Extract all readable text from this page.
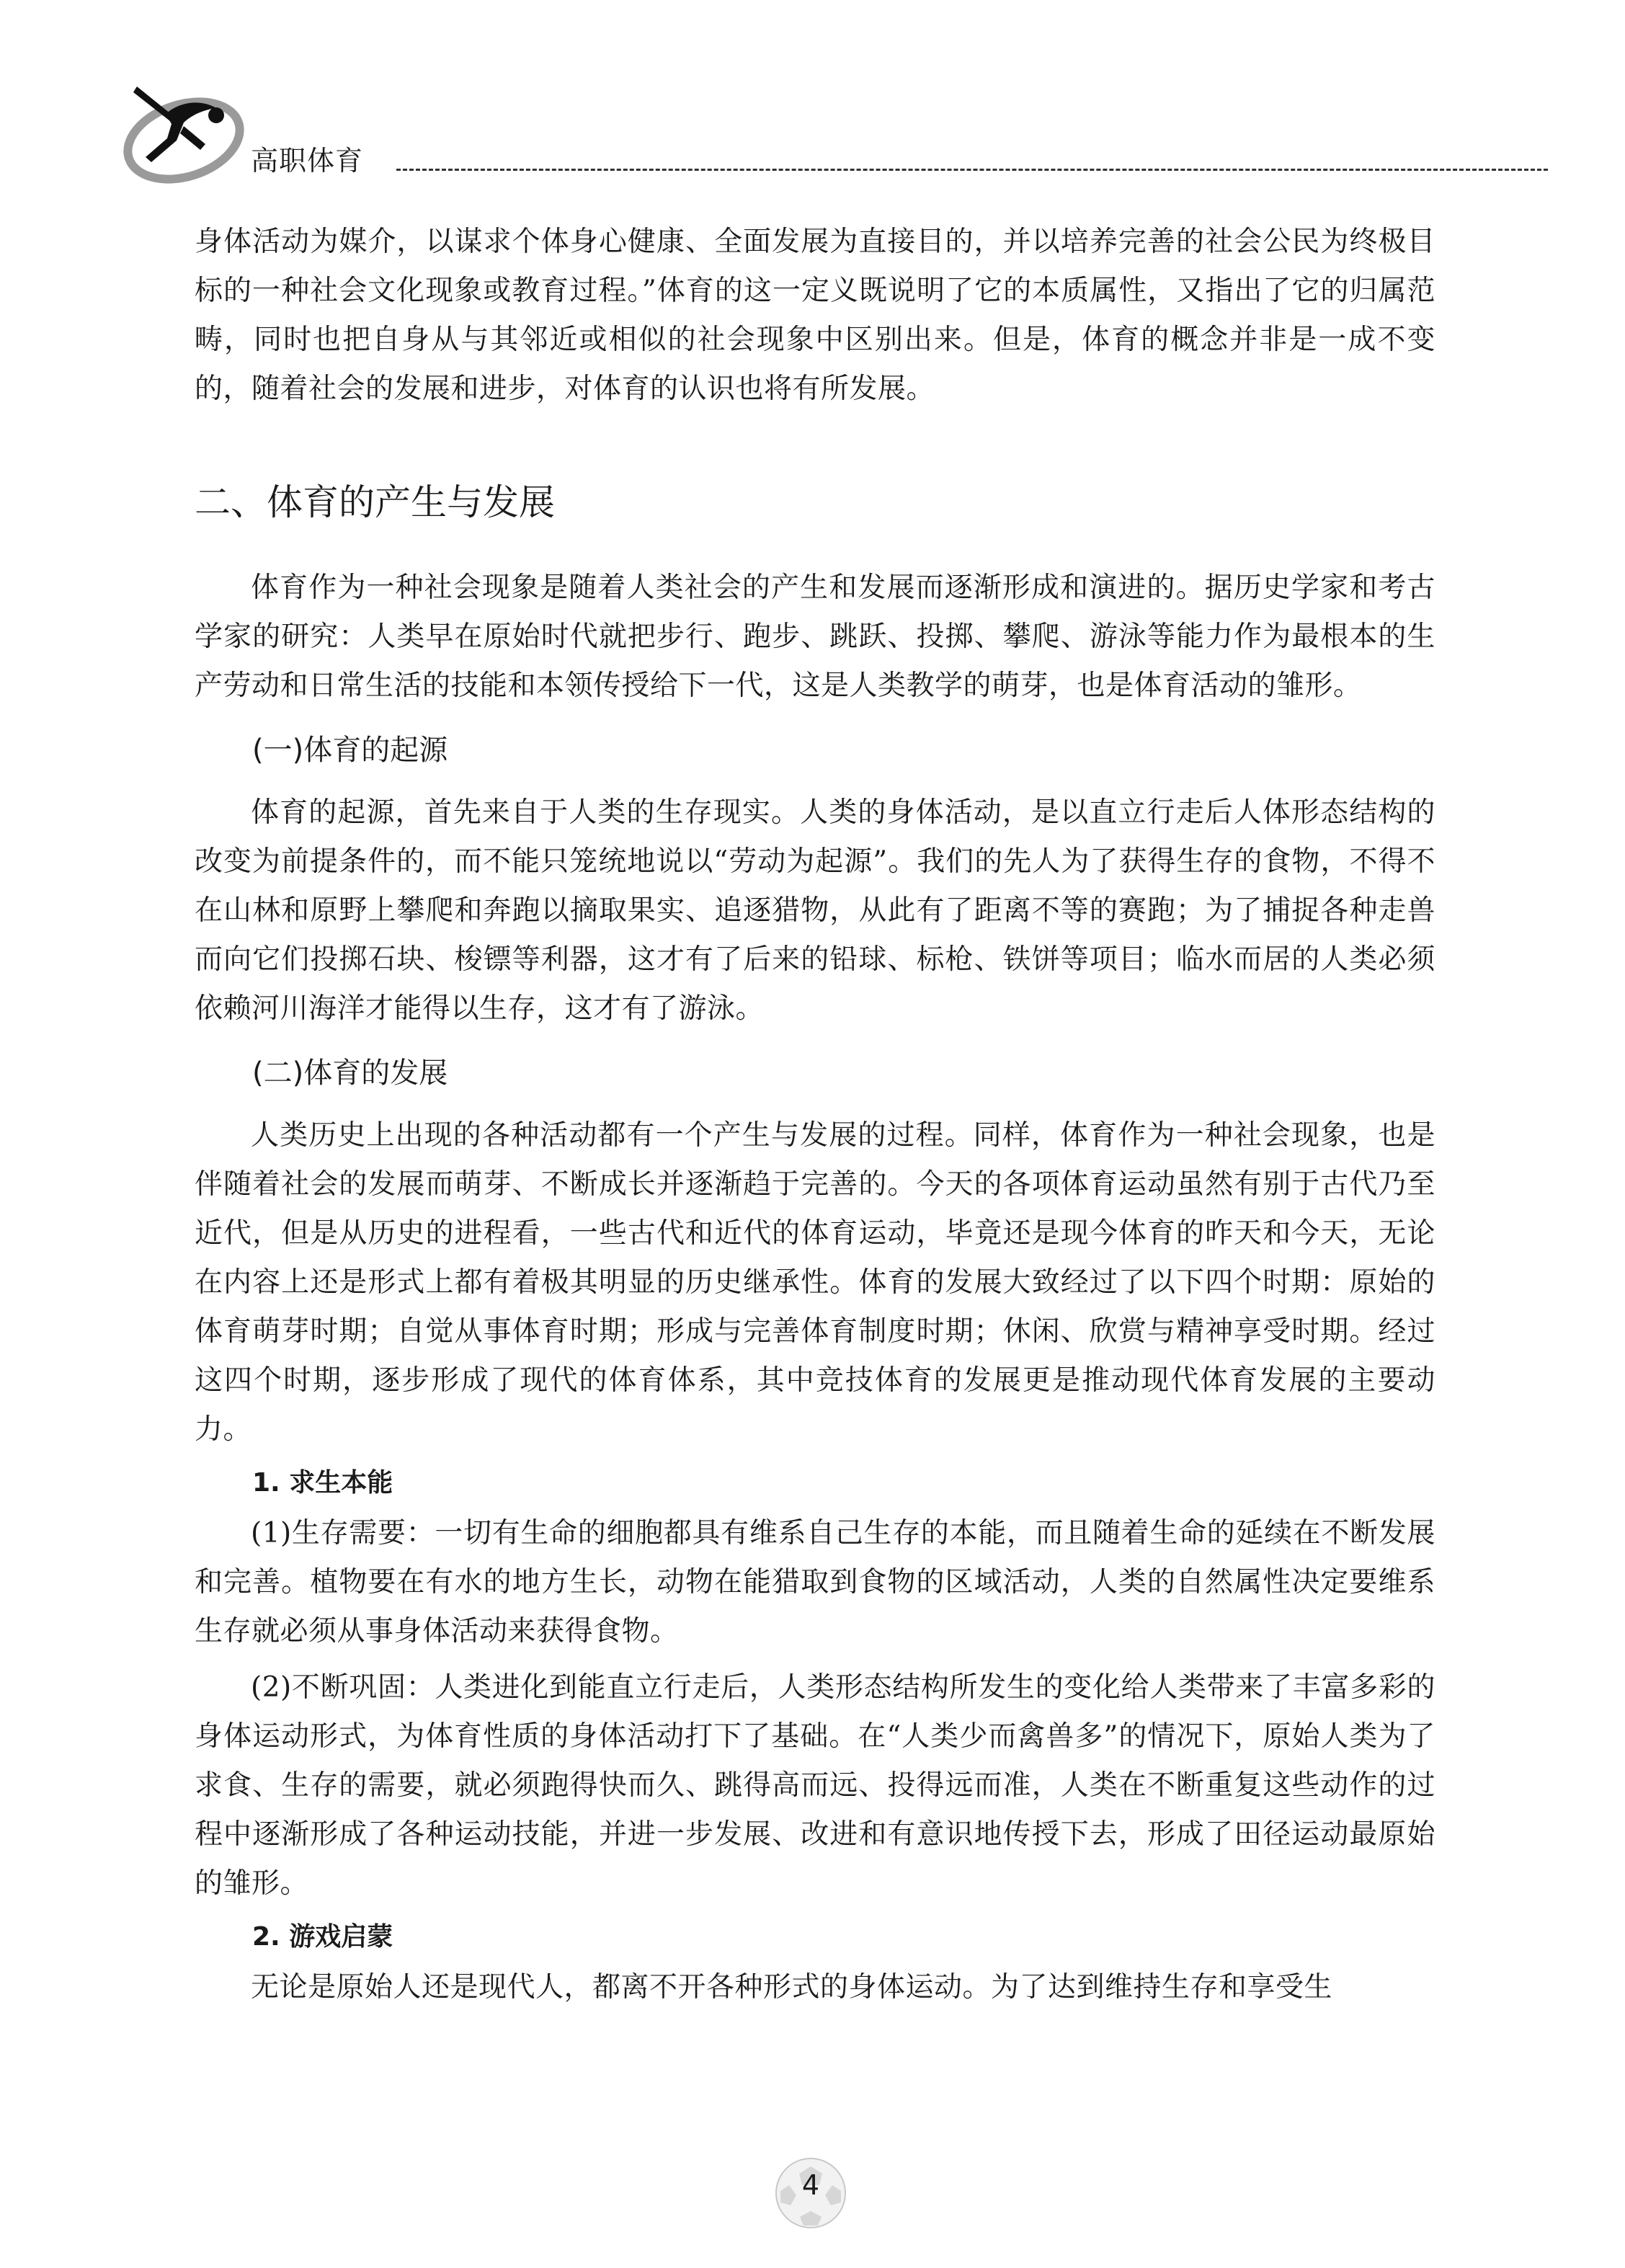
高职体育

身体活动为媒介，以谋求个体身心健康、全面发展为直接目的，并以培养完善的社会公民为终极目标的一种社会文化现象或教育过程。”体育的这一定义既说明了它的本质属性，又指出了它的归属范畴，同时也把自身从与其邻近或相似的社会现象中区别出来。但是，体育的概念并非是一成不变的，随着社会的发展和进步，对体育的认识也将有所发展。

二、体育的产生与发展

体育作为一种社会现象是随着人类社会的产生和发展而逐渐形成和演进的。据历史学家和考古学家的研究：人类早在原始时代就把步行、跑步、跳跃、投掷、攀爬、游泳等能力作为最根本的生产劳动和日常生活的技能和本领传授给下一代，这是人类教学的萌芽，也是体育活动的雏形。

(一)体育的起源

体育的起源，首先来自于人类的生存现实。人类的身体活动，是以直立行走后人体形态结构的改变为前提条件的，而不能只笼统地说以“劳动为起源”。我们的先人为了获得生存的食物，不得不在山林和原野上攀爬和奔跑以摘取果实、追逐猎物，从此有了距离不等的赛跑；为了捕捉各种走兽而向它们投掷石块、梭镖等利器，这才有了后来的铅球、标枪、铁饼等项目；临水而居的人类必须依赖河川海洋才能得以生存，这才有了游泳。

(二)体育的发展

人类历史上出现的各种活动都有一个产生与发展的过程。同样，体育作为一种社会现象，也是伴随着社会的发展而萌芽、不断成长并逐渐趋于完善的。今天的各项体育运动虽然有别于古代乃至近代，但是从历史的进程看，一些古代和近代的体育运动，毕竟还是现今体育的昨天和今天，无论在内容上还是形式上都有着极其明显的历史继承性。体育的发展大致经过了以下四个时期：原始的体育萌芽时期；自觉从事体育时期；形成与完善体育制度时期；休闲、欣赏与精神享受时期。经过这四个时期，逐步形成了现代的体育体系，其中竞技体育的发展更是推动现代体育发展的主要动力。

1. 求生本能

(1)生存需要：一切有生命的细胞都具有维系自己生存的本能，而且随着生命的延续在不断发展和完善。植物要在有水的地方生长，动物在能猎取到食物的区域活动，人类的自然属性决定要维系生存就必须从事身体活动来获得食物。

(2)不断巩固：人类进化到能直立行走后，人类形态结构所发生的变化给人类带来了丰富多彩的身体运动形式，为体育性质的身体活动打下了基础。在“人类少而禽兽多”的情况下，原始人类为了求食、生存的需要，就必须跑得快而久、跳得高而远、投得远而准，人类在不断重复这些动作的过程中逐渐形成了各种运动技能，并进一步发展、改进和有意识地传授下去，形成了田径运动最原始的雏形。

2. 游戏启蒙

无论是原始人还是现代人，都离不开各种形式的身体运动。为了达到维持生存和享受生

4
